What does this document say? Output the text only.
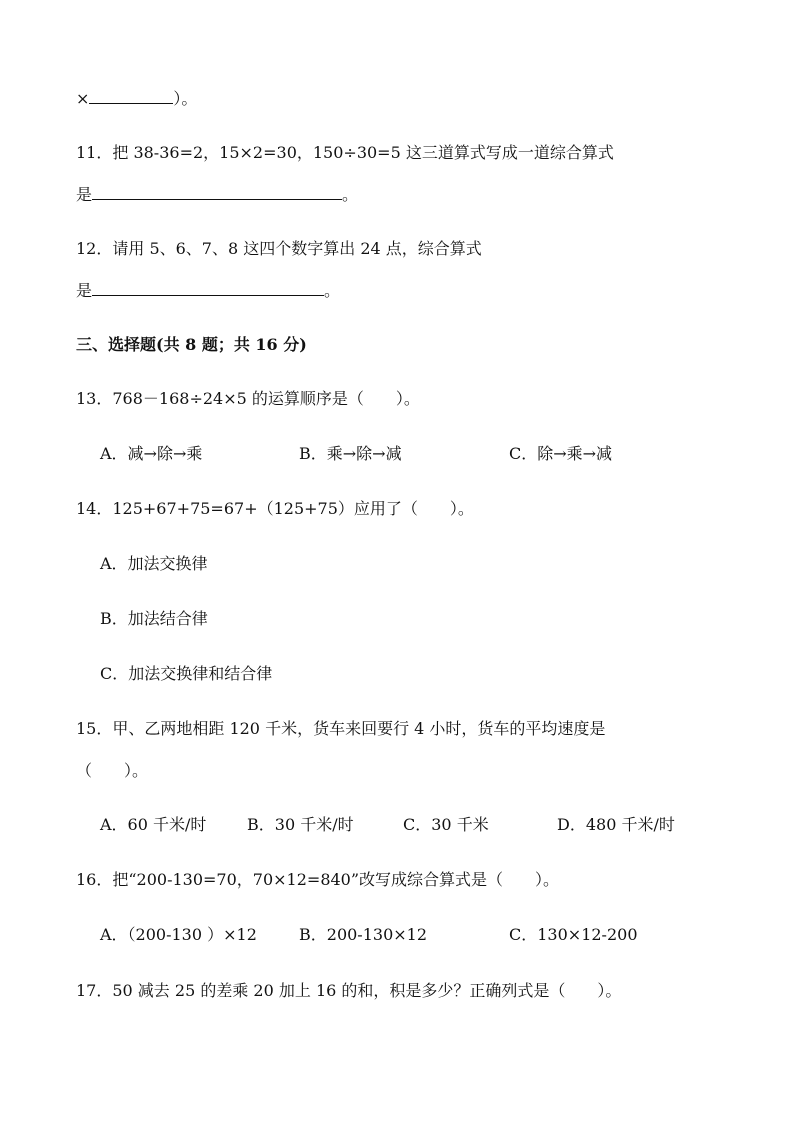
×	）。
11．把 38-36=2，15×2=30，150÷30=5 这三道算式写成一道综合算式
是	。
12．请用 5、6、7、8 这四个数字算出 24 点，综合算式
是	。
三、选择题(共 8 题；共 16 分)
13．768－168÷24×5 的运算顺序是（　　）。
A．减→除→乘	B．乘→除→减	C．除→乘→减
14．125+67+75=67+（125+75）应用了（　　）。
A．加法交换律
B．加法结合律
C．加法交换律和结合律
15．甲、乙两地相距 120 千米，货车来回要行 4 小时，货车的平均速度是
（　　）。
A．60 千米/时	B．30 千米/时	C．30 千米	D．480 千米/时
16．把“200-130=70，70×12=840”改写成综合算式是（　　）。
A．（200-130 ）×12	B．200-130×12	C．130×12-200
17．50 减去 25 的差乘 20 加上 16 的和，积是多少？正确列式是（　　）。
